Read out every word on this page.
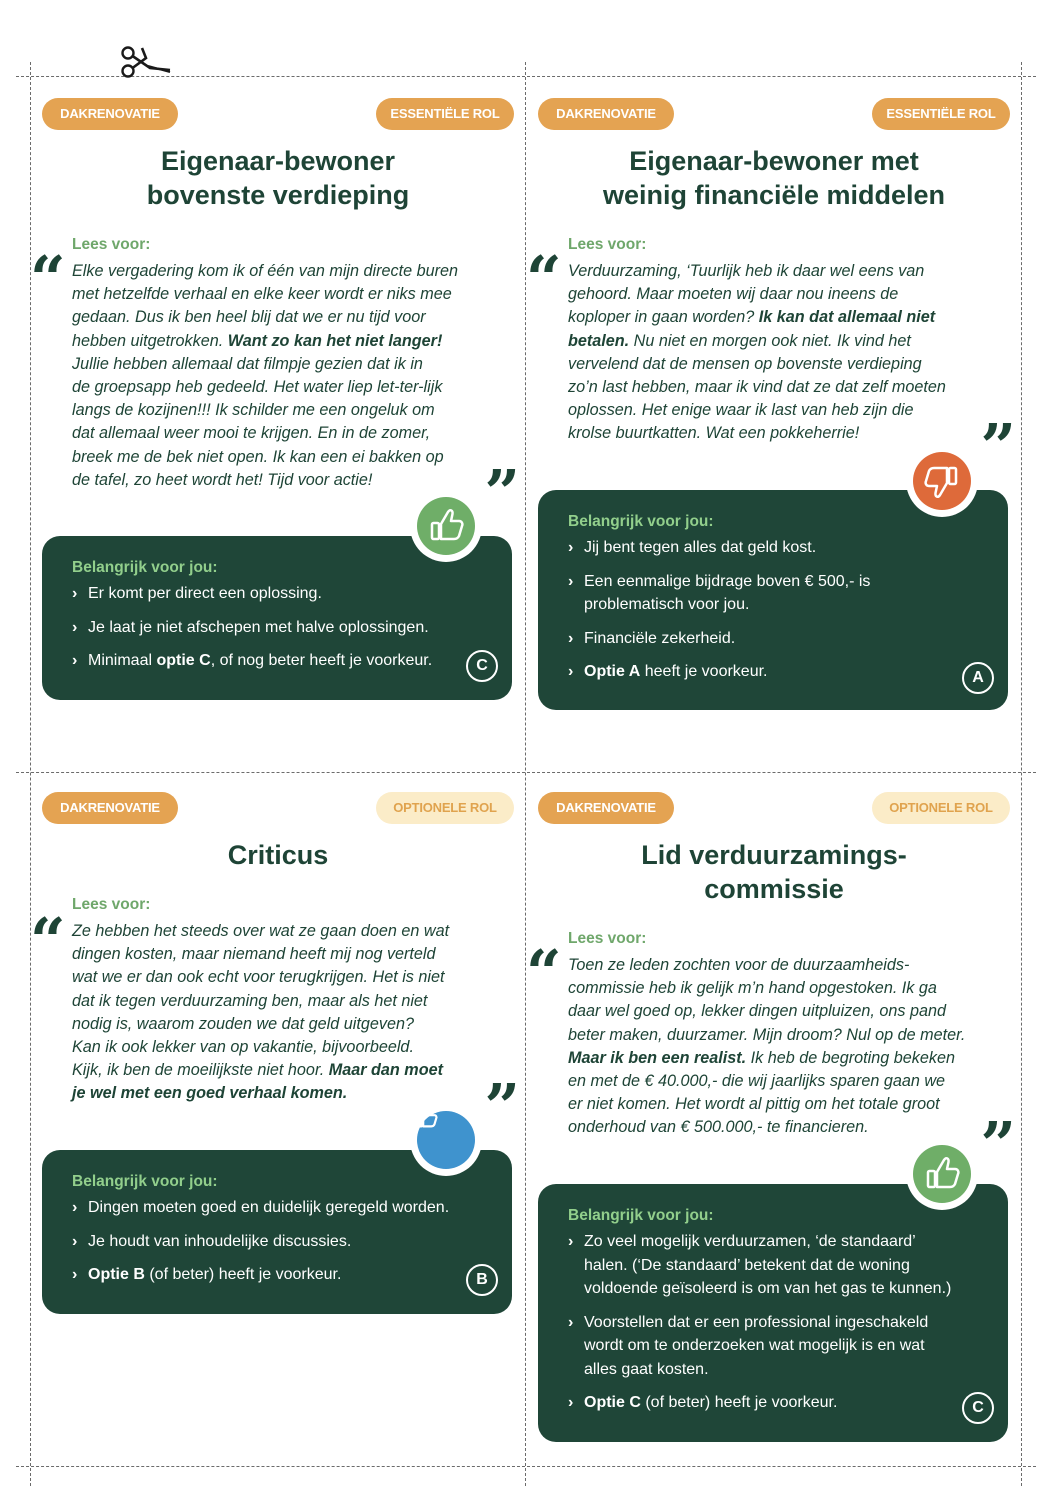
DAKRENOVATIE	ESSENTIËLE ROL
Eigenaar-bewoner
bovenste verdieping
Lees voor:
“ Elke vergadering kom ik of één van mijn directe buren
met hetzelfde verhaal en elke keer wordt er niks mee
gedaan. Dus ik ben heel blij dat we er nu tijd voor
hebben uitgetrokken. Want zo kan het niet langer!
Jullie hebben allemaal dat filmpje gezien dat ik in
de groepsapp heb gedeeld. Het water liep let-ter-lijk
langs de kozijnen!!! Ik schilder me een ongeluk om
dat allemaal weer mooi te krijgen. En in de zomer,
breek me de bek niet open. Ik kan een ei bakken op
de tafel, zo heet wordt het! Tijd voor actie!	”
Belangrijk voor jou:
› Er komt per direct een oplossing.
› Je laat je niet afschepen met halve oplossingen.
› Minimaal optie C, of nog beter heeft je voorkeur.	C
DAKRENOVATIE	ESSENTIËLE ROL
Eigenaar-bewoner met
weinig financiële middelen
Lees voor:
“ Verduurzaming, ‘Tuurlijk heb ik daar wel eens van
gehoord. Maar moeten wij daar nou ineens de
koploper in gaan worden? Ik kan dat allemaal niet
betalen. Nu niet en morgen ook niet. Ik vind het
vervelend dat de mensen op bovenste verdieping
zo’n last hebben, maar ik vind dat ze dat zelf moeten
oplossen. Het enige waar ik last van heb zijn die
krolse buurtkatten. Wat een pokkeherrie!	”
Belangrijk voor jou:
› Jij bent tegen alles dat geld kost.
› Een eenmalige bijdrage boven € 500,- is
problematisch voor jou.
› Financiële zekerheid.
› Optie A heeft je voorkeur.	A
DAKRENOVATIE	OPTIONELE ROL
Criticus
Lees voor:
“ Ze hebben het steeds over wat ze gaan doen en wat
dingen kosten, maar niemand heeft mij nog verteld
wat we er dan ook echt voor terugkrijgen. Het is niet
dat ik tegen verduurzaming ben, maar als het niet
nodig is, waarom zouden we dat geld uitgeven?
Kan ik ook lekker van op vakantie, bijvoorbeeld.
Kijk, ik ben de moeilijkste niet hoor. Maar dan moet
je wel met een goed verhaal komen.	”
Belangrijk voor jou:
› Dingen moeten goed en duidelijk geregeld worden.
› Je houdt van inhoudelijke discussies.
› Optie B (of beter) heeft je voorkeur.	B
DAKRENOVATIE	OPTIONELE ROL
Lid verduurzamings-
commissie
Lees voor:
“ Toen ze leden zochten voor de duurzaamheids-
commissie heb ik gelijk m’n hand opgestoken. Ik ga
daar wel goed op, lekker dingen uitpluizen, ons pand
beter maken, duurzamer. Mijn droom? Nul op de meter.
Maar ik ben een realist. Ik heb de begroting bekeken
en met de € 40.000,- die wij jaarlijks sparen gaan we
er niet komen. Het wordt al pittig om het totale groot
onderhoud van € 500.000,- te financieren.	”
Belangrijk voor jou:
› Zo veel mogelijk verduurzamen, ‘de standaard’
halen. (‘De standaard’ betekent dat de woning
voldoende geïsoleerd is om van het gas te kunnen.)
› Voorstellen dat er een professional ingeschakeld
wordt om te onderzoeken wat mogelijk is en wat
alles gaat kosten.
› Optie C (of beter) heeft je voorkeur.	C
